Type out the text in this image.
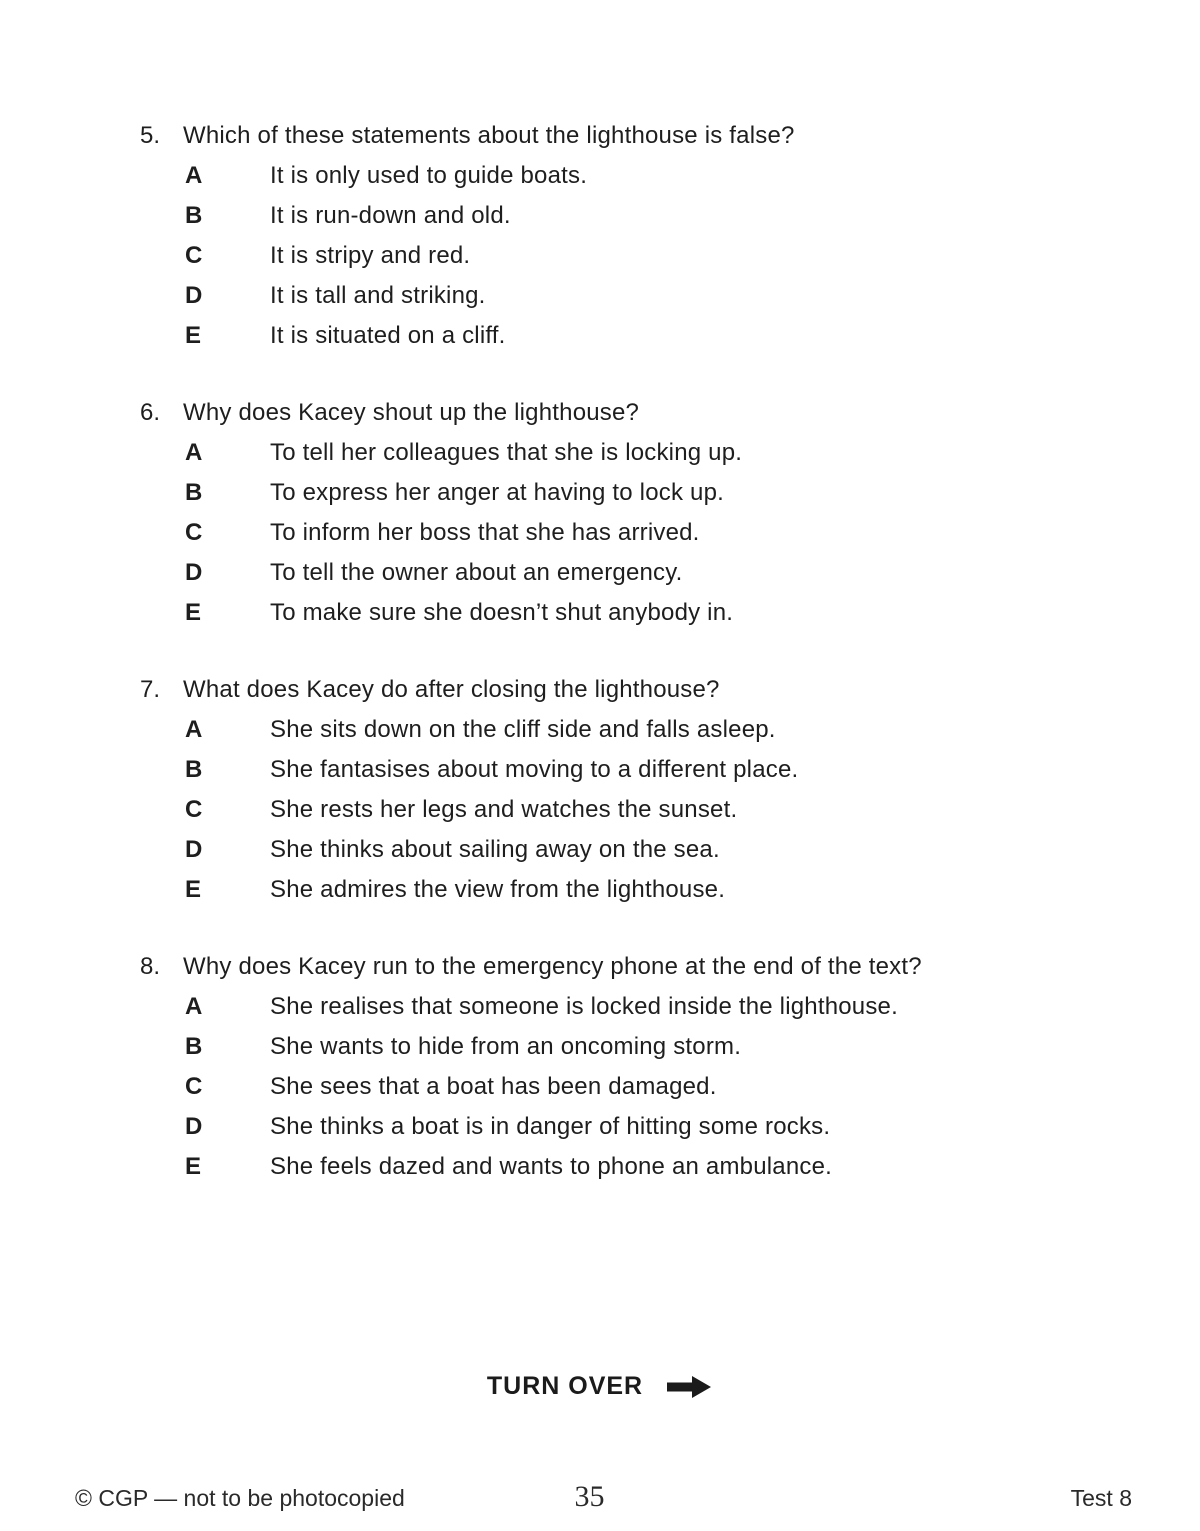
5. Which of these statements about the lighthouse is false?
A	It is only used to guide boats.
B	It is run-down and old.
C	It is stripy and red.
D	It is tall and striking.
E	It is situated on a cliff.
6. Why does Kacey shout up the lighthouse?
A	To tell her colleagues that she is locking up.
B	To express her anger at having to lock up.
C	To inform her boss that she has arrived.
D	To tell the owner about an emergency.
E	To make sure she doesn’t shut anybody in.
7. What does Kacey do after closing the lighthouse?
A	She sits down on the cliff side and falls asleep.
B	She fantasises about moving to a different place.
C	She rests her legs and watches the sunset.
D	She thinks about sailing away on the sea.
E	She admires the view from the lighthouse.
8. Why does Kacey run to the emergency phone at the end of the text?
A	She realises that someone is locked inside the lighthouse.
B	She wants to hide from an oncoming storm.
C	She sees that a boat has been damaged.
D	She thinks a boat is in danger of hitting some rocks.
E	She feels dazed and wants to phone an ambulance.
TURN OVER
© CGP — not to be photocopied	35	Test 8
